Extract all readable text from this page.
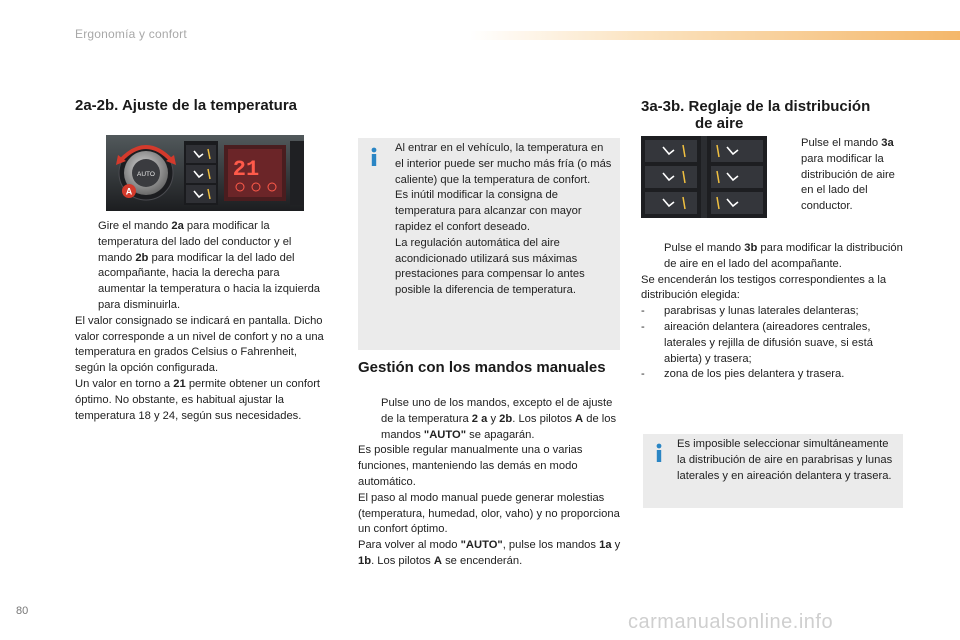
Ergonomía y confort
2a-2b. Ajuste de la temperatura
AUTO
A
21
Gire el mando 2a para modificar la temperatura del lado del conductor y el mando 2b para modificar la del lado del acompañante, hacia la derecha para aumentar la temperatura o hacia la izquierda para disminuirla.
El valor consignado se indicará en pantalla. Dicho valor corresponde a un nivel de confort y no a una temperatura en grados Celsius o Fahrenheit, según la opción configurada.
Un valor en torno a 21 permite obtener un confort óptimo. No obstante, es habitual ajustar la temperatura 18 y 24, según sus necesidades.
Al entrar en el vehículo, la temperatura en el interior puede ser mucho más fría (o más caliente) que la temperatura de confort.
Es inútil modificar la consigna de temperatura para alcanzar con mayor rapidez el confort deseado.
La regulación automática del aire acondicionado utilizará sus máximas prestaciones para compensar lo antes posible la diferencia de temperatura.
Gestión con los mandos manuales
Pulse uno de los mandos, excepto el de ajuste de la temperatura 2 a y 2b. Los pilotos A de los mandos "AUTO" se apagarán.
Es posible regular manualmente una o varias funciones, manteniendo las demás en modo automático.
El paso al modo manual puede generar molestias (temperatura, humedad, olor, vaho) y no proporciona un confort óptimo.
Para volver al modo "AUTO", pulse los mandos 1a y 1b. Los pilotos A se encenderán.
3a-3b. Reglaje de la distribución
de aire
Pulse el mando 3a para modificar la distribución de aire en el lado del conductor.
Pulse el mando 3b para modificar la distribución de aire en el lado del acompañante.
Se encenderán los testigos correspondientes a la distribución elegida:
- parabrisas y lunas laterales delanteras;
- aireación delantera (aireadores centrales, laterales y rejilla de difusión suave, si está abierta) y trasera;
- zona de los pies delantera y trasera.
Es imposible seleccionar simultáneamente la distribución de aire en parabrisas y lunas laterales y en aireación delantera y trasera.
80	carmanualsonline.info
